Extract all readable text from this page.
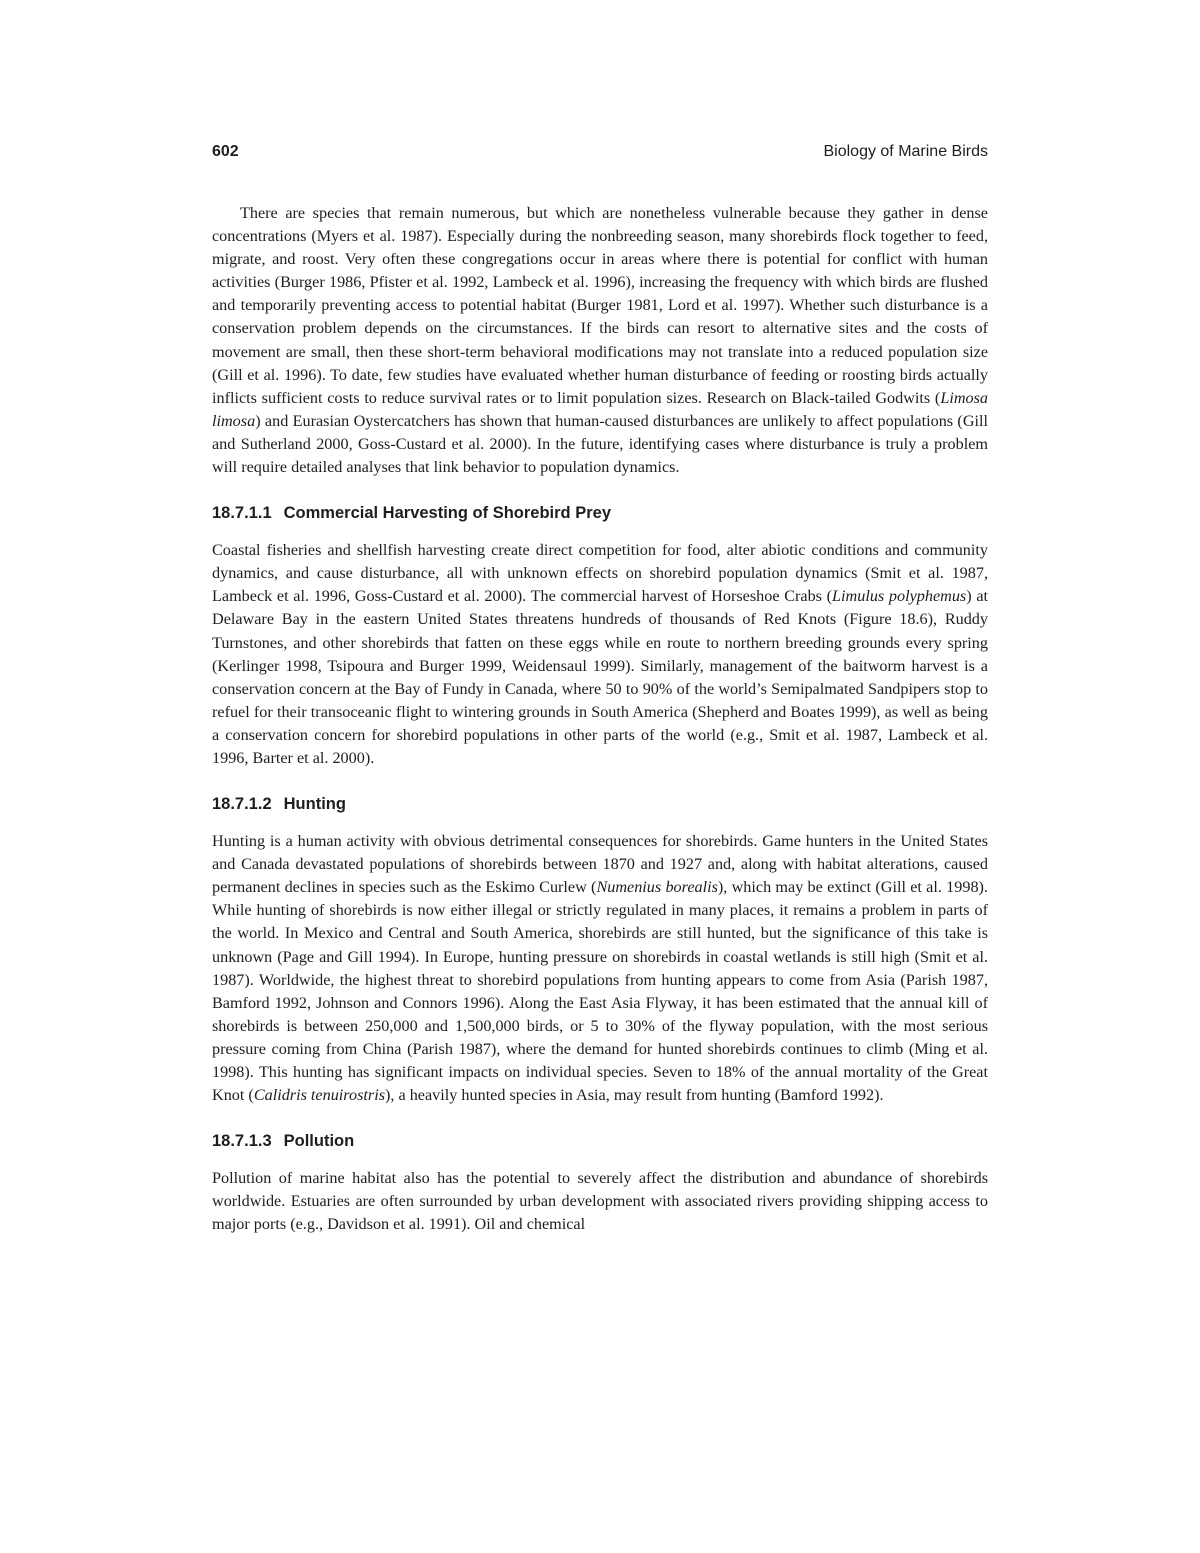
602	Biology of Marine Birds

There are species that remain numerous, but which are nonetheless vulnerable because they gather in dense concentrations (Myers et al. 1987). Especially during the nonbreeding season, many shorebirds flock together to feed, migrate, and roost. Very often these congregations occur in areas where there is potential for conflict with human activities (Burger 1986, Pfister et al. 1992, Lambeck et al. 1996), increasing the frequency with which birds are flushed and temporarily preventing access to potential habitat (Burger 1981, Lord et al. 1997). Whether such disturbance is a conservation problem depends on the circumstances. If the birds can resort to alternative sites and the costs of movement are small, then these short-term behavioral modifications may not translate into a reduced population size (Gill et al. 1996). To date, few studies have evaluated whether human disturbance of feeding or roosting birds actually inflicts sufficient costs to reduce survival rates or to limit population sizes. Research on Black-tailed Godwits (Limosa limosa) and Eurasian Oystercatchers has shown that human-caused disturbances are unlikely to affect populations (Gill and Sutherland 2000, Goss-Custard et al. 2000). In the future, identifying cases where disturbance is truly a problem will require detailed analyses that link behavior to population dynamics.

18.7.1.1 Commercial Harvesting of Shorebird Prey

Coastal fisheries and shellfish harvesting create direct competition for food, alter abiotic conditions and community dynamics, and cause disturbance, all with unknown effects on shorebird population dynamics (Smit et al. 1987, Lambeck et al. 1996, Goss-Custard et al. 2000). The commercial harvest of Horseshoe Crabs (Limulus polyphemus) at Delaware Bay in the eastern United States threatens hundreds of thousands of Red Knots (Figure 18.6), Ruddy Turnstones, and other shorebirds that fatten on these eggs while en route to northern breeding grounds every spring (Kerlinger 1998, Tsipoura and Burger 1999, Weidensaul 1999). Similarly, management of the baitworm harvest is a conservation concern at the Bay of Fundy in Canada, where 50 to 90% of the world’s Semipalmated Sandpipers stop to refuel for their transoceanic flight to wintering grounds in South America (Shepherd and Boates 1999), as well as being a conservation concern for shorebird populations in other parts of the world (e.g., Smit et al. 1987, Lambeck et al. 1996, Barter et al. 2000).

18.7.1.2 Hunting

Hunting is a human activity with obvious detrimental consequences for shorebirds. Game hunters in the United States and Canada devastated populations of shorebirds between 1870 and 1927 and, along with habitat alterations, caused permanent declines in species such as the Eskimo Curlew (Numenius borealis), which may be extinct (Gill et al. 1998). While hunting of shorebirds is now either illegal or strictly regulated in many places, it remains a problem in parts of the world. In Mexico and Central and South America, shorebirds are still hunted, but the significance of this take is unknown (Page and Gill 1994). In Europe, hunting pressure on shorebirds in coastal wetlands is still high (Smit et al. 1987). Worldwide, the highest threat to shorebird populations from hunting appears to come from Asia (Parish 1987, Bamford 1992, Johnson and Connors 1996). Along the East Asia Flyway, it has been estimated that the annual kill of shorebirds is between 250,000 and 1,500,000 birds, or 5 to 30% of the flyway population, with the most serious pressure coming from China (Parish 1987), where the demand for hunted shorebirds continues to climb (Ming et al. 1998). This hunting has significant impacts on individual species. Seven to 18% of the annual mortality of the Great Knot (Calidris tenuirostris), a heavily hunted species in Asia, may result from hunting (Bamford 1992).

18.7.1.3 Pollution

Pollution of marine habitat also has the potential to severely affect the distribution and abundance of shorebirds worldwide. Estuaries are often surrounded by urban development with associated rivers providing shipping access to major ports (e.g., Davidson et al. 1991). Oil and chemical
